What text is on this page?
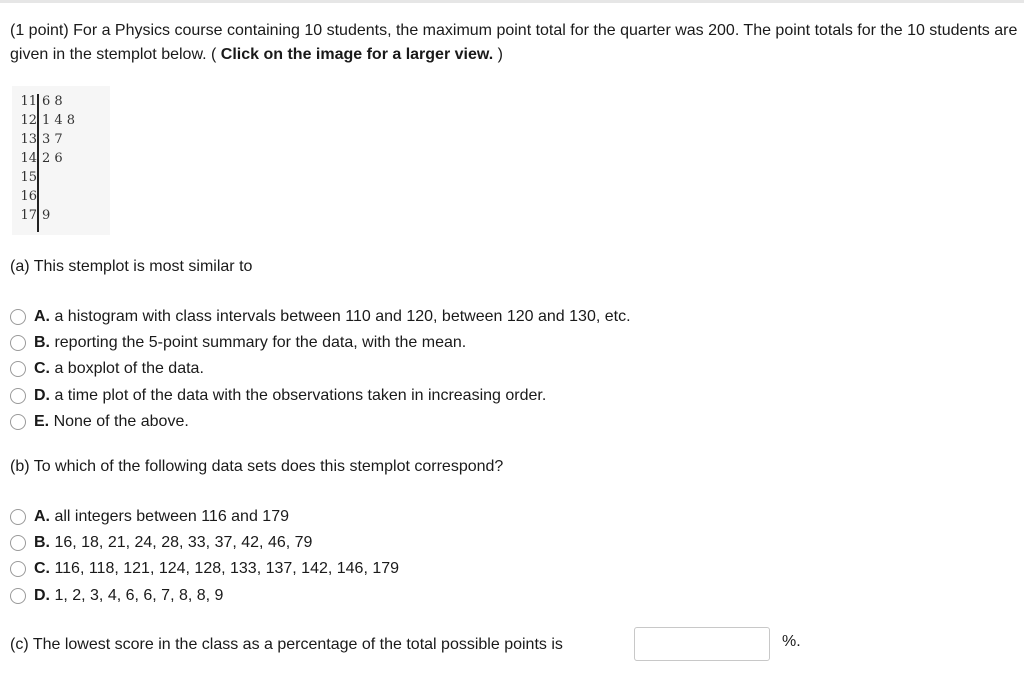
(1 point) For a Physics course containing 10 students, the maximum point total for the quarter was 200. The point totals for the 10 students are given in the stemplot below. ( Click on the image for a larger view. )
11 6 8
12 1 4 8
13 3 7
14 2 6
15
16
17 9
(a) This stemplot is most similar to
A. a histogram with class intervals between 110 and 120, between 120 and 130, etc.
B. reporting the 5-point summary for the data, with the mean.
C. a boxplot of the data.
D. a time plot of the data with the observations taken in increasing order.
E. None of the above.
(b) To which of the following data sets does this stemplot correspond?
A. all integers between 116 and 179
B. 16, 18, 21, 24, 28, 33, 37, 42, 46, 79
C. 116, 118, 121, 124, 128, 133, 137, 142, 146, 179
D. 1, 2, 3, 4, 6, 6, 7, 8, 8, 9
(c) The lowest score in the class as a percentage of the total possible points is	%.
